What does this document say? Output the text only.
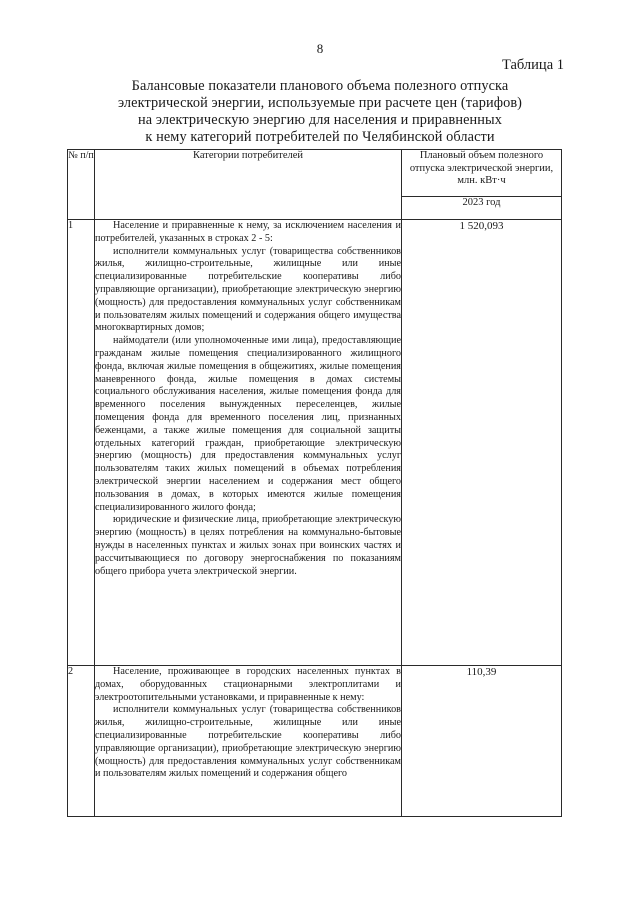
8
Таблица 1
Балансовые показатели планового объема полезного отпуска
электрической энергии, используемые при расчете цен (тарифов)
на электрическую энергию для населения и приравненных
к нему категорий потребителей по Челябинской области
№ п/п	Категории потребителей	Плановый объем полезного отпуска электрической энергии, млн. кВт·ч
		2023 год
1	Население и приравненные к нему, за исключением населения и потребителей, указанных в строках 2 - 5:

исполнители коммунальных услуг (товарищества собственников жилья, жилищно-строительные, жилищные или иные специализированные потребительские кооперативы либо управляющие организации), приобретающие электрическую энергию (мощность) для предоставления коммунальных услуг собственникам и пользователям жилых помещений и содержания общего имущества многоквартирных домов;

наймодатели (или уполномоченные ими лица), предоставляющие гражданам жилые помещения специализированного жилищного фонда, включая жилые помещения в общежитиях, жилые помещения маневренного фонда, жилые помещения в домах системы социального обслуживания населения, жилые помещения фонда для временного поселения вынужденных переселенцев, жилые помещения фонда для временного поселения лиц, признанных беженцами, а также жилые помещения для социальной защиты отдельных категорий граждан, приобретающие электрическую энергию (мощность) для предоставления коммунальных услуг пользователям таких жилых помещений в объемах потребления электрической энергии населением и содержания мест общего пользования в домах, в которых имеются жилые помещения специализированного жилого фонда;

юридические и физические лица, приобретающие электрическую энергию (мощность) в целях потребления на коммунально-бытовые нужды в населенных пунктах и жилых зонах при воинских частях и рассчитывающиеся по договору энергоснабжения по показаниям общего прибора учета электрической энергии.	1 520,093
2	Население, проживающее в городских населенных пунктах в домах, оборудованных стационарными электроплитами и электроотопительными установками, и приравненные к нему:

исполнители коммунальных услуг (товарищества собственников жилья, жилищно-строительные, жилищные или иные специализированные потребительские кооперативы либо управляющие организации), приобретающие электрическую энергию (мощность) для предоставления коммунальных услуг собственникам и пользователям жилых помещений и содержания общего	110,39
